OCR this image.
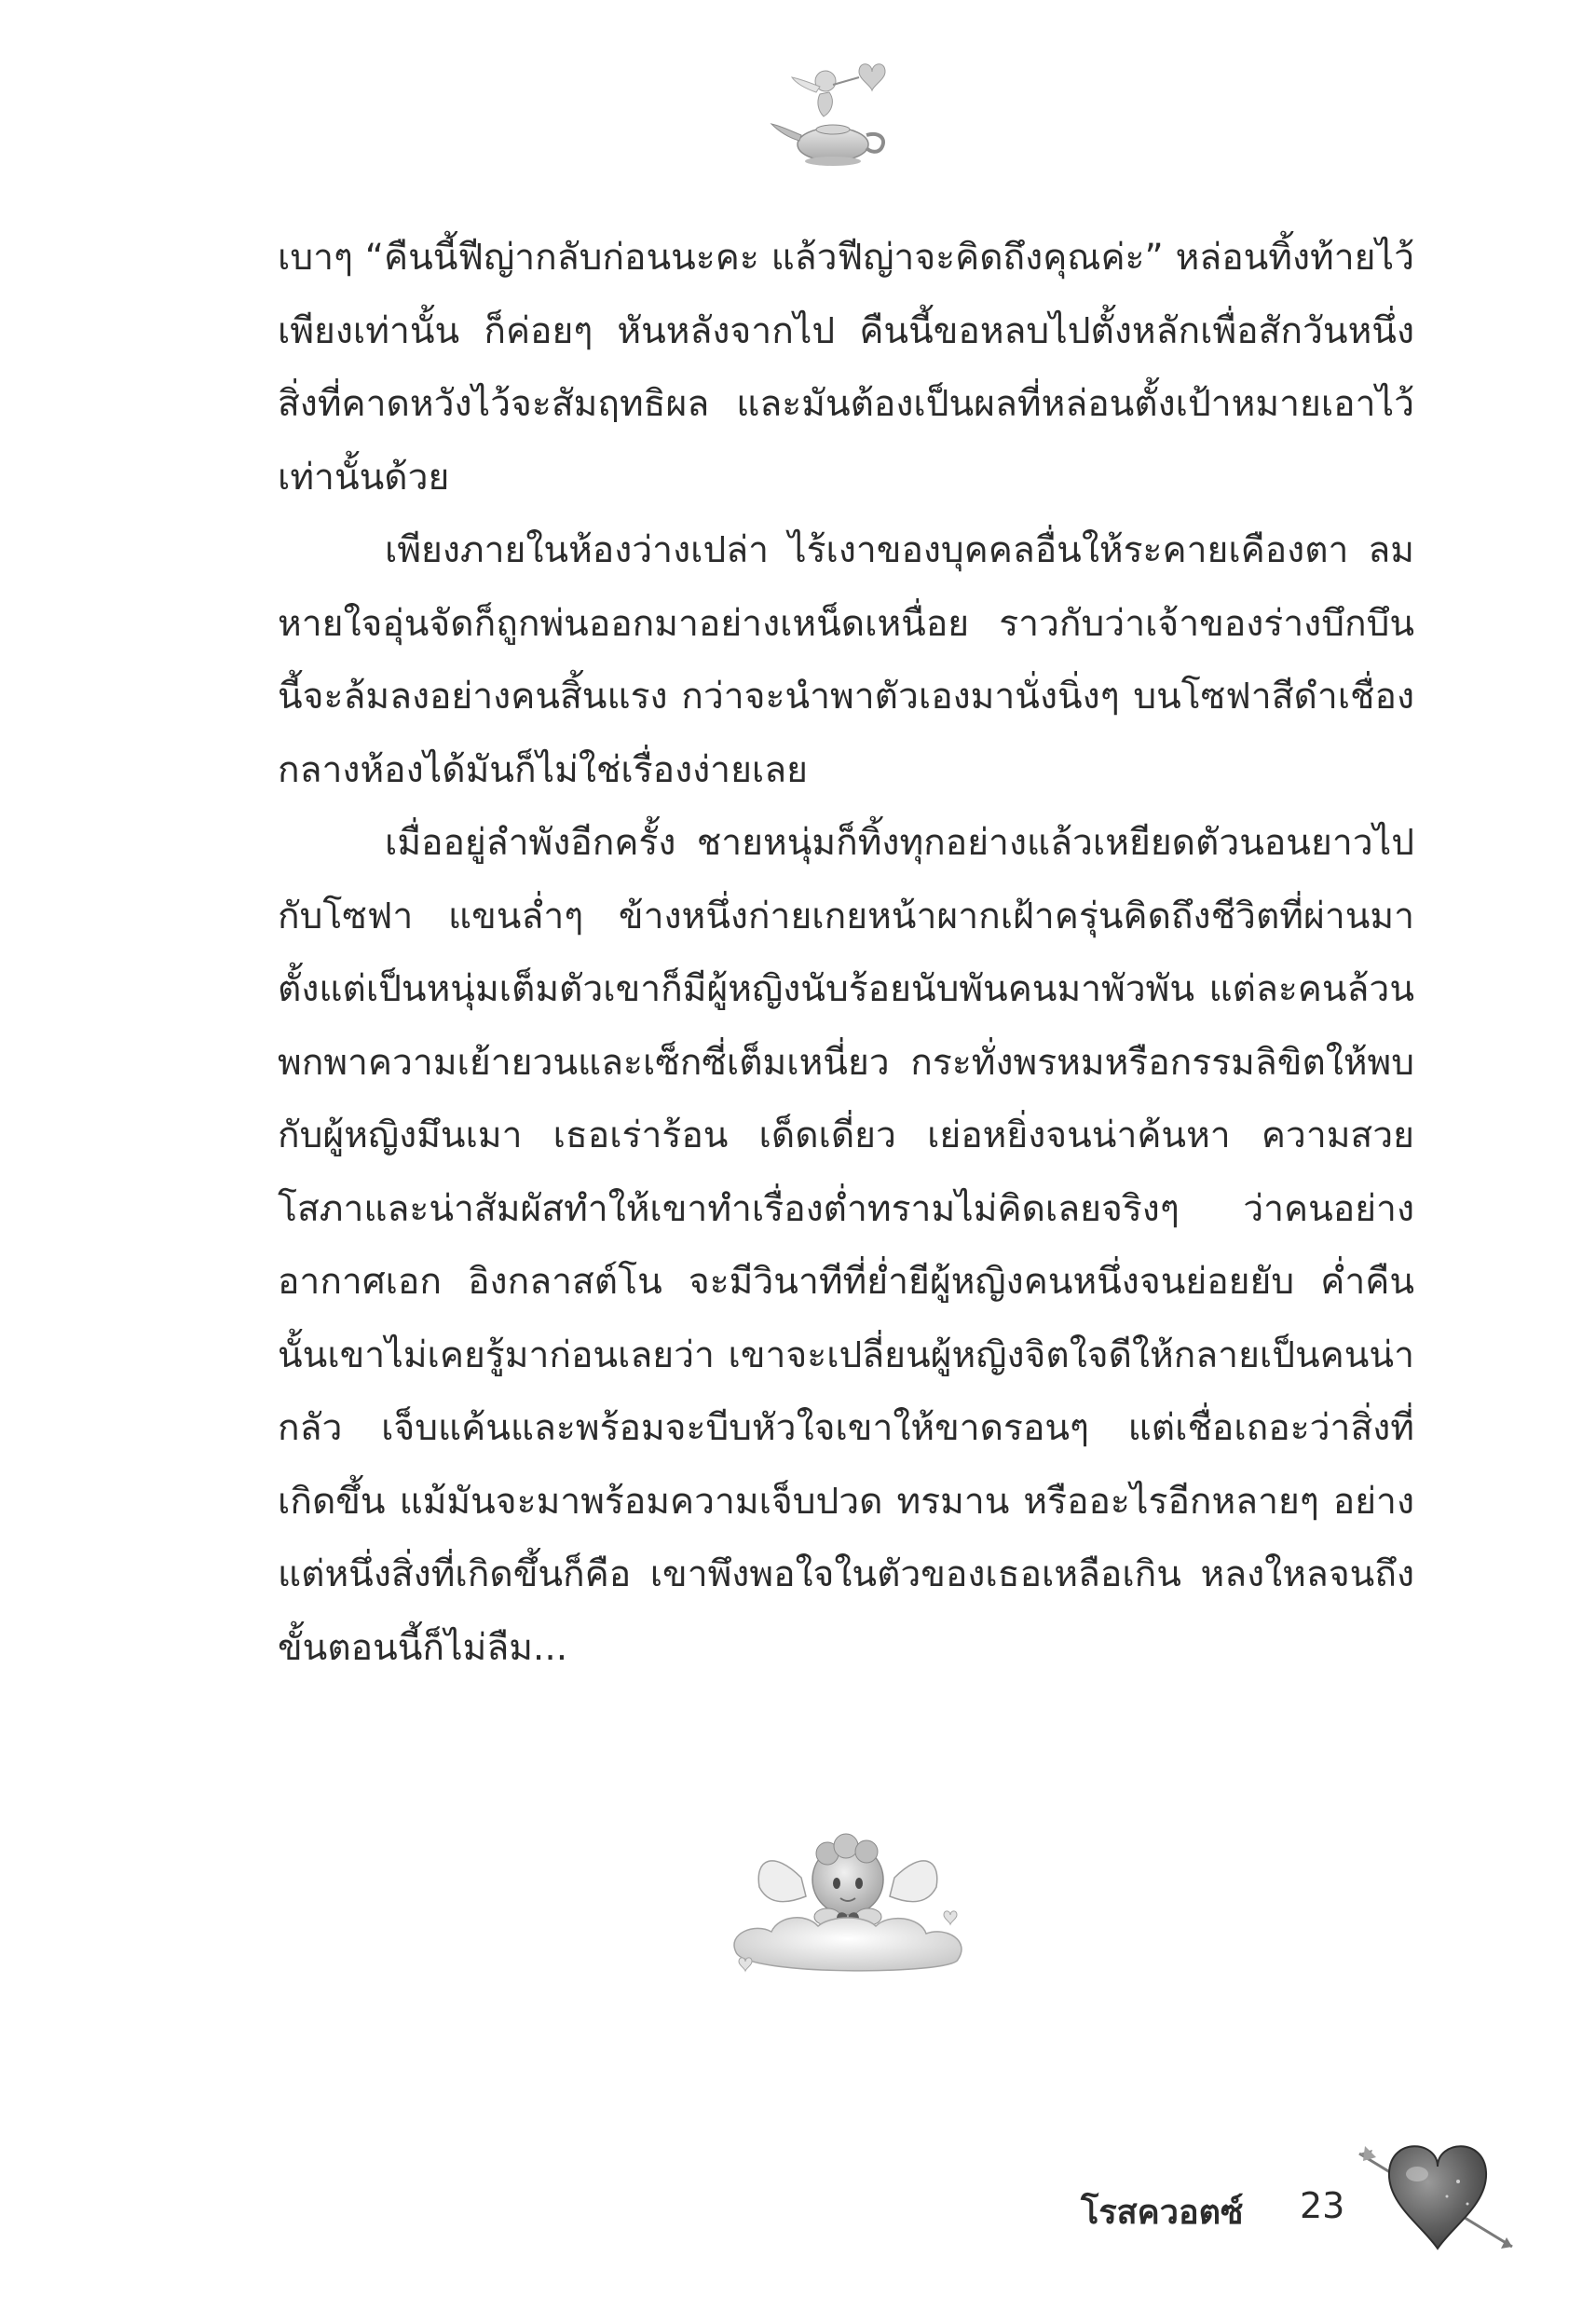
เบาๆ “คืนนี้ฟีญ่ากลับก่อนนะคะ แล้วฟีญ่าจะคิดถึงคุณค่ะ” หล่อนทิ้งท้ายไว้เพียงเท่านั้น ก็ค่อยๆ หันหลังจากไป คืนนี้ขอหลบไปตั้งหลักเพื่อสักวันหนึ่งสิ่งที่คาดหวังไว้จะสัมฤทธิผล และมันต้องเป็นผลที่หล่อนตั้งเป้าหมายเอาไว้เท่านั้นด้วย

เพียงภายในห้องว่างเปล่า ไร้เงาของบุคคลอื่นให้ระคายเคืองตา ลมหายใจอุ่นจัดก็ถูกพ่นออกมาอย่างเหน็ดเหนื่อย ราวกับว่าเจ้าของร่างบึกบึนนี้จะล้มลงอย่างคนสิ้นแรง กว่าจะนำพาตัวเองมานั่งนิ่งๆ บนโซฟาสีดำเชื่องกลางห้องได้มันก็ไม่ใช่เรื่องง่ายเลย

เมื่ออยู่ลำพังอีกครั้ง ชายหนุ่มก็ทิ้งทุกอย่างแล้วเหยียดตัวนอนยาวไปกับโซฟา แขนล่ำๆ ข้างหนึ่งก่ายเกยหน้าผากเฝ้าครุ่นคิดถึงชีวิตที่ผ่านมา ตั้งแต่เป็นหนุ่มเต็มตัวเขาก็มีผู้หญิงนับร้อยนับพันคนมาพัวพัน แต่ละคนล้วนพกพาความเย้ายวนและเซ็กซี่เต็มเหนี่ยว กระทั่งพรหมหรือกรรมลิขิตให้พบกับผู้หญิงมึนเมา เธอเร่าร้อน เด็ดเดี่ยว เย่อหยิ่งจนน่าค้นหา ความสวยโสภาและน่าสัมผัสทำให้เขาทำเรื่องต่ำทรามไม่คิดเลยจริงๆ ว่าคนอย่าง อากาศเอก อิงกลาสต์โน จะมีวินาทีที่ย่ำยีผู้หญิงคนหนึ่งจนย่อยยับ ค่ำคืนนั้นเขาไม่เคยรู้มาก่อนเลยว่า เขาจะเปลี่ยนผู้หญิงจิตใจดีให้กลายเป็นคนน่ากลัว เจ็บแค้นและพร้อมจะบีบหัวใจเขาให้ขาดรอนๆ แต่เชื่อเถอะว่าสิ่งที่เกิดขึ้น แม้มันจะมาพร้อมความเจ็บปวด ทรมาน หรืออะไรอีกหลายๆ อย่าง แต่หนึ่งสิ่งที่เกิดขึ้นก็คือ เขาพึงพอใจในตัวของเธอเหลือเกิน หลงใหลจนถึงขั้นตอนนี้ก็ไม่ลืม...

โรสควอตซ์ 23
